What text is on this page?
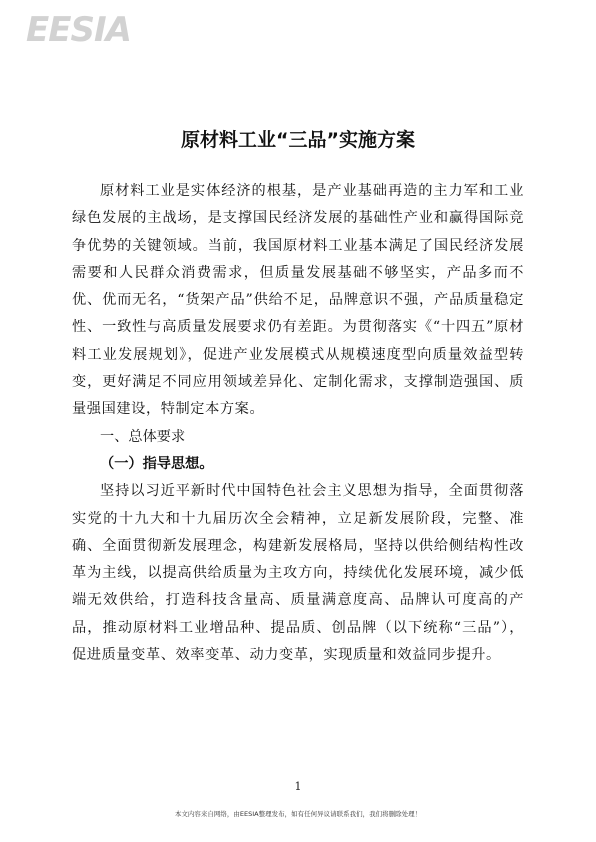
EESIA
原材料工业“三品”实施方案

原材料工业是实体经济的根基，是产业基础再造的主力军和工业绿色发展的主战场，是支撑国民经济发展的基础性产业和赢得国际竞争优势的关键领域。当前，我国原材料工业基本满足了国民经济发展需要和人民群众消费需求，但质量发展基础不够坚实，产品多而不优、优而无名，“货架产品”供给不足，品牌意识不强，产品质量稳定性、一致性与高质量发展要求仍有差距。为贯彻落实《“十四五”原材料工业发展规划》，促进产业发展模式从规模速度型向质量效益型转变，更好满足不同应用领域差异化、定制化需求，支撑制造强国、质量强国建设，特制定本方案。

一、总体要求

（一）指导思想。

坚持以习近平新时代中国特色社会主义思想为指导，全面贯彻落实党的十九大和十九届历次全会精神，立足新发展阶段，完整、准确、全面贯彻新发展理念，构建新发展格局，坚持以供给侧结构性改革为主线，以提高供给质量为主攻方向，持续优化发展环境，减少低端无效供给，打造科技含量高、质量满意度高、品牌认可度高的产品，推动原材料工业增品种、提品质、创品牌（以下统称“三品”），促进质量变革、效率变革、动力变革，实现质量和效益同步提升。

1
本文内容来自网络，由EESIA整理发布，如有任何异议请联系我们，我们将删除处理！
